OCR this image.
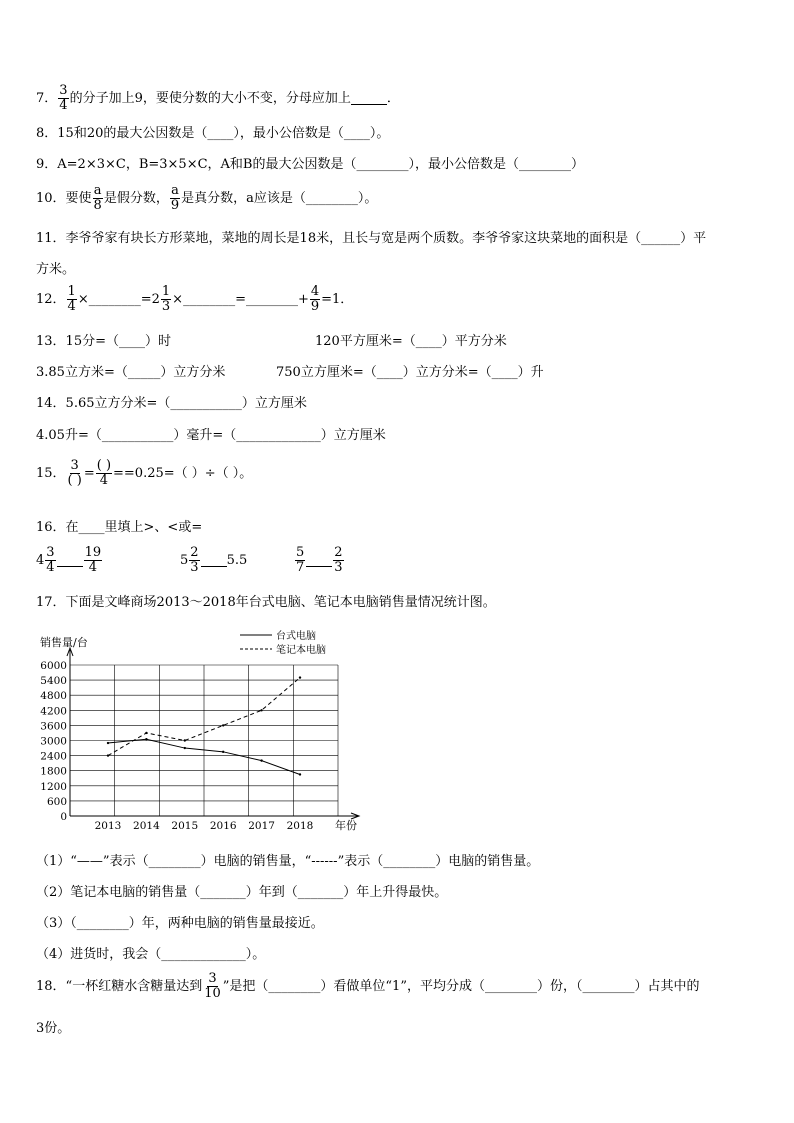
7． $\frac{3}{4}$ 的分子加上9，要使分数的大小不变，分母应加上	．
8．15和20的最大公因数是（____），最小公倍数是（____）。
9．A=2×3×C，B=3×5×C，A和B的最大公因数是（________），最小公倍数是（________）
10．要使 $\frac{a}{8}$ 是假分数， $\frac{a}{9}$ 是真分数，a应该是（________）。
11．李爷爷家有块长方形菜地，菜地的周长是18米，且长与宽是两个质数。李爷爷家这块菜地的面积是（______）平
方米。
12． $\frac{1}{4}$ ×________=2 $\frac{1}{3}$ ×________=________+ $\frac{4}{9} =1$．
13．15分=（____）时	120平方厘米=（____）平方分米
3.85立方米=（_____）立方分米	750立方厘米=（____）立方分米=（____）升
14．5.65立方分米=（___________）立方厘米
4.05升=（___________）毫升=（_____________）立方厘米
15． $\frac{3}{( )} = \frac{( )}{4} ==0.25=$（ ）÷（ ）。
16．在____里填上>、<或=
$4 \frac{3}{4} \frac{19}{4}$	$5 \frac{2}{3} 5.5$	$\frac{5}{7} \frac{2}{3}$
17．下面是文峰商场2013～2018年台式电脑、笔记本电脑销售量情况统计图。
销售量/台
0
600
1200
1800
2400
3000
3600
4200
4800
5400
6000
2013 2014 2015 2016 2017 2018 年份
台式电脑
笔记本电脑
（1）“——”表示（________）电脑的销售量，“------”表示（________）电脑的销售量。
（2）笔记本电脑的销售量（_______）年到（_______）年上升得最快。
（3）（________）年，两种电脑的销售量最接近。
（4）进货时，我会（_____________）。
18．“一杯红糖水含糖量达到 $\frac{3}{10}$ ”是把（________）看做单位“1”，平均分成（________）份，（________）占其中的
3份。
